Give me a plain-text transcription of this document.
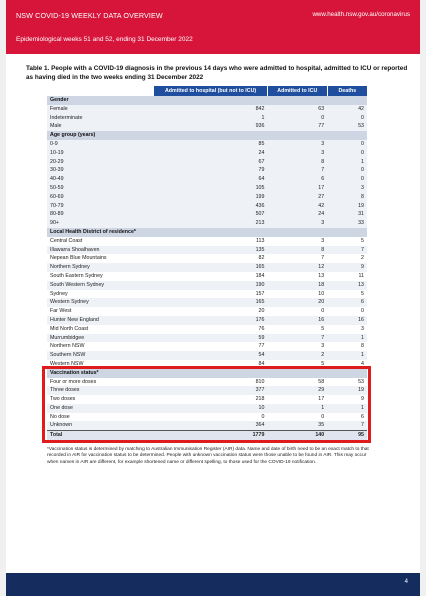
NSW COVID-19 WEEKLY DATA OVERVIEW	www.health.nsw.gov.au/coronavirus
Epidemiological weeks 51 and 52, ending 31 December 2022
Table 1. People with a COVID-19 diagnosis in the previous 14 days who were admitted to hospital, admitted to ICU or reported as having died in the two weeks ending 31 December 2022
	Admitted to hospital (but not to ICU)	Admitted to ICU	Deaths
Gender			
Female	842	63	42
Indeterminate	1	0	0
Male	936	77	53
Age group (years)			
0-9	85	3	0
10-19	24	3	0
20-29	67	8	1
30-39	79	7	0
40-49	64	6	0
50-59	105	17	3
60-69	199	27	8
70-79	436	42	19
80-89	507	24	31
90+	213	3	33
Local Health District of residence*			
Central Coast	113	3	5
Illawarra Shoalhaven	135	8	7
Nepean Blue Mountains	82	7	2
Northern Sydney	165	12	9
South Eastern Sydney	184	13	11
South Western Sydney	190	18	13
Sydney	157	10	5
Western Sydney	165	20	6
Far West	20	0	0
Hunter New England	176	16	16
Mid North Coast	76	5	3
Murrumbidgee	59	7	1
Northern NSW	77	3	8
Southern NSW	54	2	1
Western NSW	84	5	4
Vaccination status*			
Four or more doses	810	58	53
Three doses	377	29	19
Two doses	218	17	9
One dose	10	1	1
No dose	0	0	6
Unknown	364	35	7
Total	1779	140	95
*Vaccination status is determined by matching to Australian Immunisation Register (AIR) data. Name and date of birth need to be an exact match to that recorded in AIR for vaccination status to be determined. People with unknown vaccination status were those unable to be found in AIR. This may occur when names in AIR are different, for example shortened name or different spelling, to those used for the COVID-19 notification.
4
